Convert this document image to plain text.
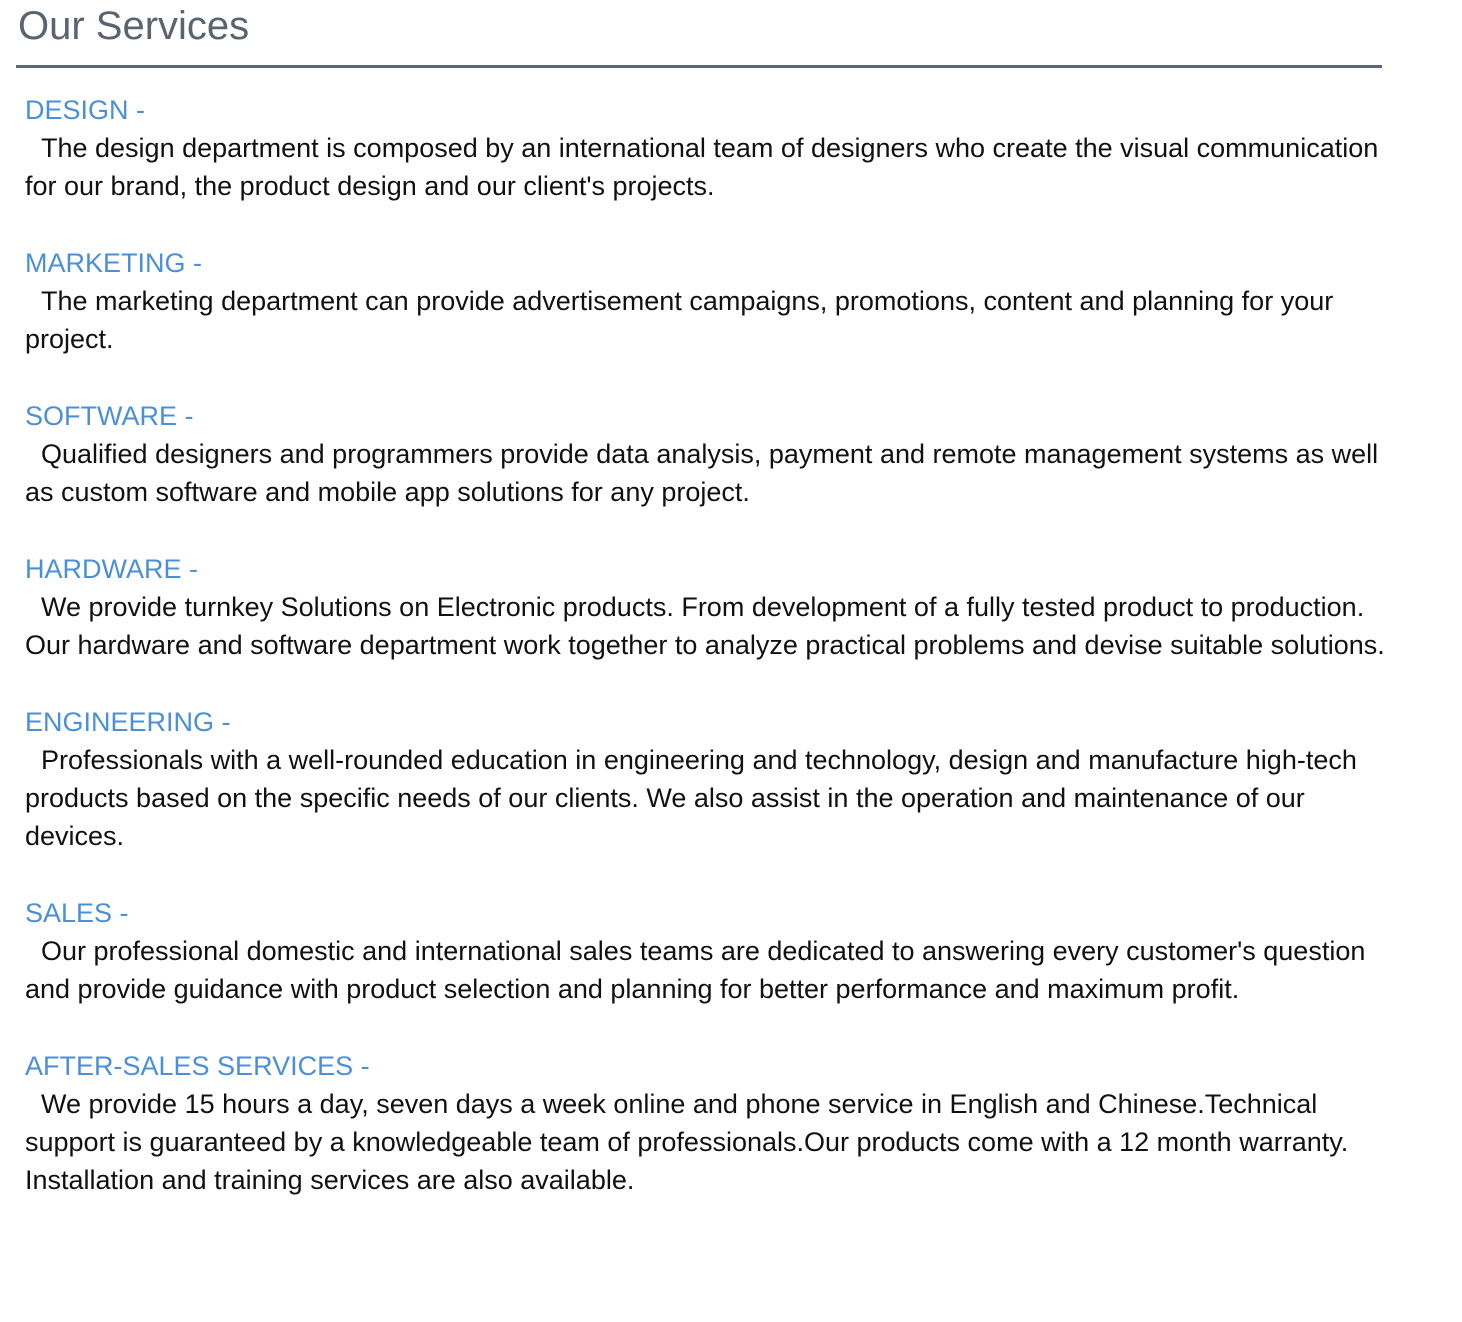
Our Services
DESIGN -

The design department is composed by an international team of designers who create the visual communication for our brand, the product design and our client's projects.

MARKETING -

The marketing department can provide advertisement campaigns, promotions, content and planning for your project.

SOFTWARE -

Qualified designers and programmers provide data analysis, payment and remote management systems as well as custom software and mobile app solutions for any project.

HARDWARE -

We provide turnkey Solutions on Electronic products. From development of a fully tested product to production. Our hardware and software department work together to analyze practical problems and devise suitable solutions.

ENGINEERING -

Professionals with a well-rounded education in engineering and technology, design and manufacture high-tech products based on the specific needs of our clients. We also assist in the operation and maintenance of our devices.

SALES -

Our professional domestic and international sales teams are dedicated to answering every customer's question and provide guidance with product selection and planning for better performance and maximum profit.

AFTER-SALES SERVICES -

We provide 15 hours a day, seven days a week online and phone service in English and Chinese.Technical support is guaranteed by a knowledgeable team of professionals.Our products come with a 12 month warranty. Installation and training services are also available.
